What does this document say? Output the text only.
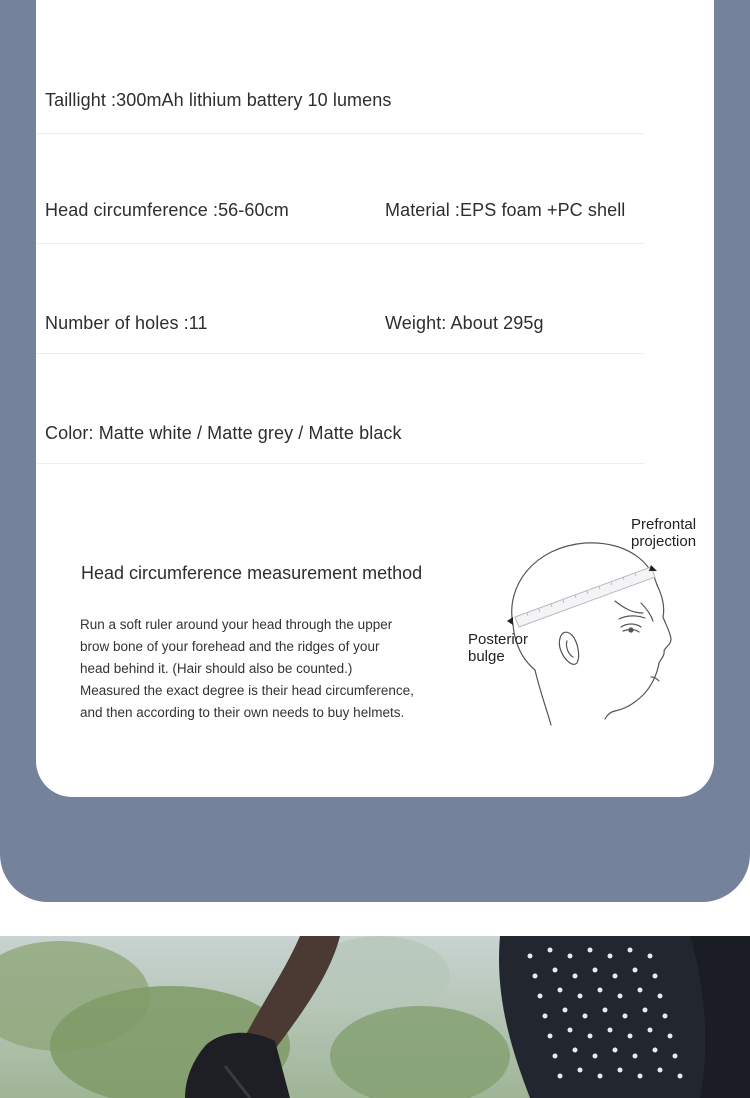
Taillight :300mAh lithium battery 10 lumens
Head circumference :56-60cm	Material :EPS foam +PC shell
Number of holes :11	Weight: About 295g
Color: Matte white / Matte grey / Matte black
Head circumference measurement method
Run a soft ruler around your head through the upper
brow bone of your forehead and the ridges of your
head behind it. (Hair should also be counted.)
Measured the exact degree is their head circumference,
and then according to their own needs to buy helmets.
Prefrontal
projection
Posterior
bulge
